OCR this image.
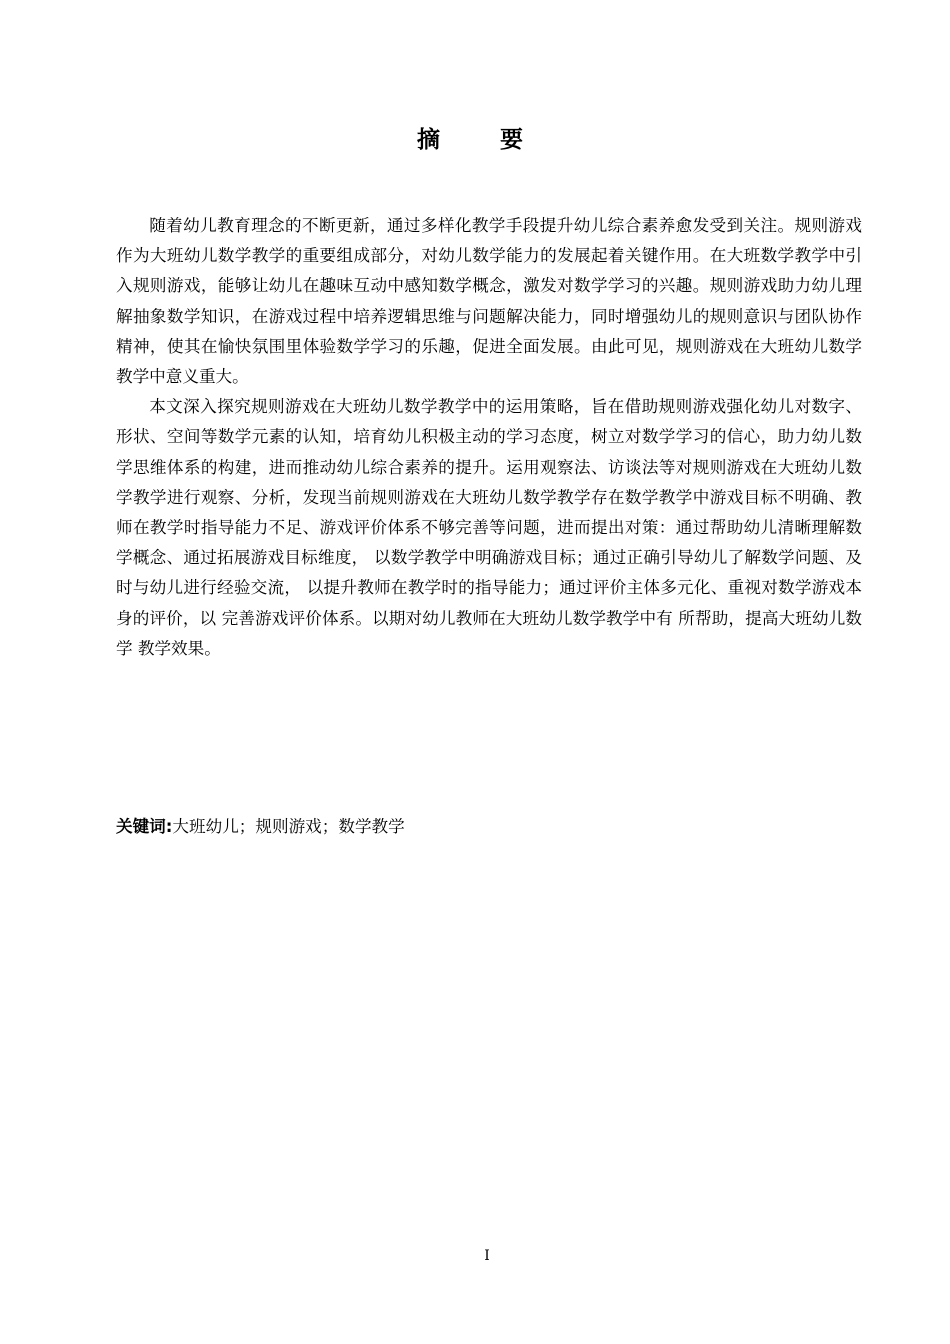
摘 要

随着幼儿教育理念的不断更新，通过多样化教学手段提升幼儿综合素养愈发受到关注。规则游戏作为大班幼儿数学教学的重要组成部分，对幼儿数学能力的发展起着关键作用。在大班数学教学中引入规则游戏，能够让幼儿在趣味互动中感知数学概念，激发对数学学习的兴趣。规则游戏助力幼儿理解抽象数学知识，在游戏过程中培养逻辑思维与问题解决能力，同时增强幼儿的规则意识与团队协作精神，使其在愉快氛围里体验数学学习的乐趣，促进全面发展。由此可见，规则游戏在大班幼儿数学教学中意义重大。

本文深入探究规则游戏在大班幼儿数学教学中的运用策略，旨在借助规则游戏强化幼儿对数字、形状、空间等数学元素的认知，培育幼儿积极主动的学习态度，树立对数学学习的信心，助力幼儿数学思维体系的构建，进而推动幼儿综合素养的提升。运用观察法、访谈法等对规则游戏在大班幼儿数学教学进行观察、分析，发现当前规则游戏在大班幼儿数学教学存在数学教学中游戏目标不明确、教师在教学时指导能力不足、游戏评价体系不够完善等问题，进而提出对策：通过帮助幼儿清晰理解数学概念、通过拓展游戏目标维度， 以数学教学中明确游戏目标；通过正确引导幼儿了解数学问题、及时与幼儿进行经验交流， 以提升教师在教学时的指导能力；通过评价主体多元化、重视对数学游戏本身的评价，以 完善游戏评价体系。以期对幼儿教师在大班幼儿数学教学中有 所帮助，提高大班幼儿数学 教学效果。

关键词:大班幼儿；规则游戏；数学教学
I
